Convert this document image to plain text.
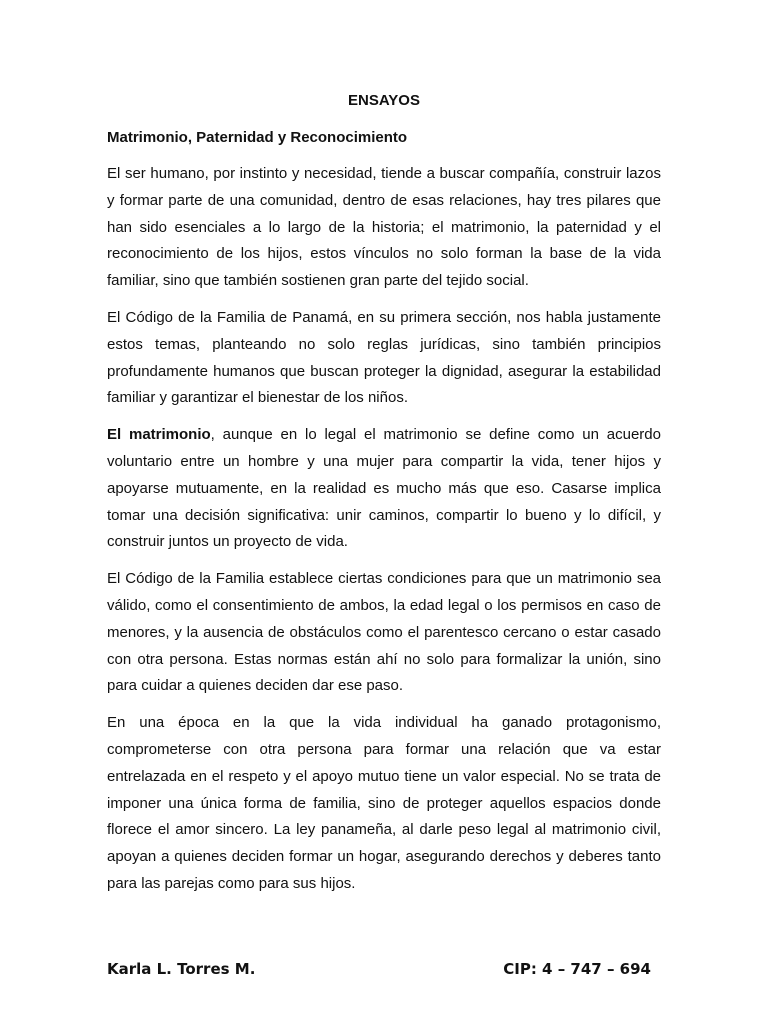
ENSAYOS
Matrimonio, Paternidad y Reconocimiento

El ser humano, por instinto y necesidad, tiende a buscar compañía, construir lazos y formar parte de una comunidad, dentro de esas relaciones, hay tres pilares que han sido esenciales a lo largo de la historia; el matrimonio, la paternidad y el reconocimiento de los hijos, estos vínculos no solo forman la base de la vida familiar, sino que también sostienen gran parte del tejido social.

El Código de la Familia de Panamá, en su primera sección, nos habla justamente estos temas, planteando no solo reglas jurídicas, sino también principios profundamente humanos que buscan proteger la dignidad, asegurar la estabilidad familiar y garantizar el bienestar de los niños.

El matrimonio, aunque en lo legal el matrimonio se define como un acuerdo voluntario entre un hombre y una mujer para compartir la vida, tener hijos y apoyarse mutuamente, en la realidad es mucho más que eso. Casarse implica tomar una decisión significativa: unir caminos, compartir lo bueno y lo difícil, y construir juntos un proyecto de vida.

El Código de la Familia establece ciertas condiciones para que un matrimonio sea válido, como el consentimiento de ambos, la edad legal o los permisos en caso de menores, y la ausencia de obstáculos como el parentesco cercano o estar casado con otra persona. Estas normas están ahí no solo para formalizar la unión, sino para cuidar a quienes deciden dar ese paso.

En una época en la que la vida individual ha ganado protagonismo, comprometerse con otra persona para formar una relación que va estar entrelazada en el respeto y el apoyo mutuo tiene un valor especial. No se trata de imponer una única forma de familia, sino de proteger aquellos espacios donde florece el amor sincero. La ley panameña, al darle peso legal al matrimonio civil, apoyan a quienes deciden formar un hogar, asegurando derechos y deberes tanto para las parejas como para sus hijos.

Karla L. Torres M.	CIP: 4 – 747 – 694
